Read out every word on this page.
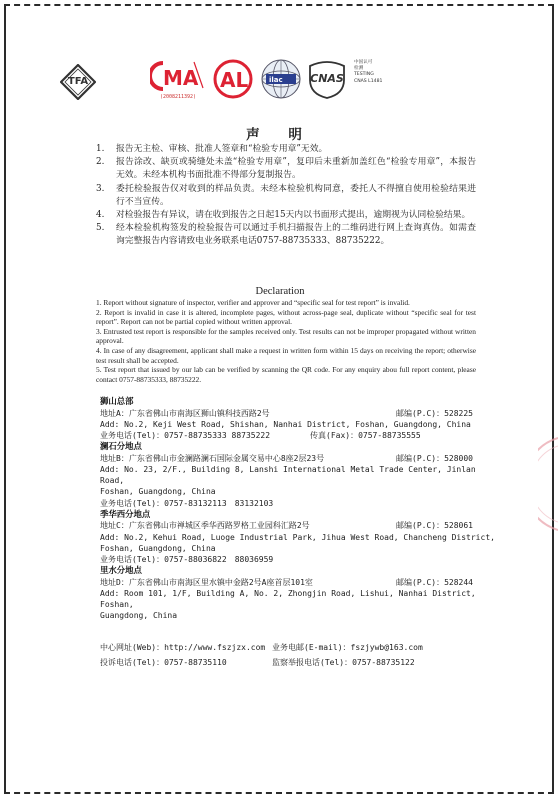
TFA	MA
(2008211392)
AL	ilac	CNAS
中国认可
检测
TESTING
CNAS L1481
声 明
1. 报告无主检、审核、批准人签章和“检验专用章”无效。
2. 报告涂改、缺页或骑缝处未盖“检验专用章”，复印后未重新加盖红色“检验专用章”，本报告无效。未经本机构书面批准不得部分复制报告。
3. 委托检验报告仅对收到的样品负责。未经本检验机构同意，委托人不得擅自使用检验结果进行不当宣传。
4. 对检验报告有异议，请在收到报告之日起15天内以书面形式提出，逾期视为认同检验结果。
5. 经本检验机构签发的检验报告可以通过手机扫描报告上的二维码进行网上查询真伪。如需查询完整报告内容请致电业务联系电话0757-88735333、88735222。
Declaration
1. Report without signature of inspector, verifier and approver and “specific seal for test report” is invalid.
2. Report is invalid in case it is altered, incomplete pages, without across-page seal, duplicate without “specific seal for test report”. Report can not be partial copied without written approval.
3. Entrusted test report is responsible for the samples received only. Test results can not be improper propagated without written approval.
4. In case of any disagreement, applicant shall make a request in written form within 15 days on receiving the report; otherwise test result shall be accepted.
5. Test report that issued by our lab can be verified by scanning the QR code. For any enquiry abou full report content, please contact 0757-88735333, 88735222.
狮山总部
地址A：广东省佛山市南海区狮山镇科技西路2号	邮编(P.C)：528225
Add: No.2, Keji West Road, Shishan, Nanhai District, Foshan, Guangdong, China
业务电话(Tel)：0757-88735333 88735222	传真(Fax)：0757-88735555
澜石分地点
地址B：广东省佛山市金澜路澜石国际金属交易中心8座2层23号	邮编(P.C)：528000
Add: No. 23, 2/F., Building 8, Lanshi International Metal Trade Center, Jinlan Road,
Foshan, Guangdong, China
业务电话(Tel)：0757-83132113　83132103
季华西分地点
地址C：广东省佛山市禅城区季华西路罗格工业园科汇路2号	邮编(P.C)：528061
Add: No.2, Kehui Road, Luoge Industrial Park, Jihua West Road, Chancheng District,
Foshan, Guangdong, China
业务电话(Tel)：0757-88036822　88036959
里水分地点
地址D：广东省佛山市南海区里水镇中金路2号A座首层101室	邮编(P.C)：528244
Add: Room 101, 1/F, Building A, No. 2, Zhongjin Road, Lishui, Nanhai District, Foshan,
Guangdong, China
中心网址(Web)：http://www.fszjzx.com 业务电邮(E-mail)：fszjywb@163.com
投诉电话(Tel)：0757-88735110	监察举报电话(Tel)：0757-88735122
